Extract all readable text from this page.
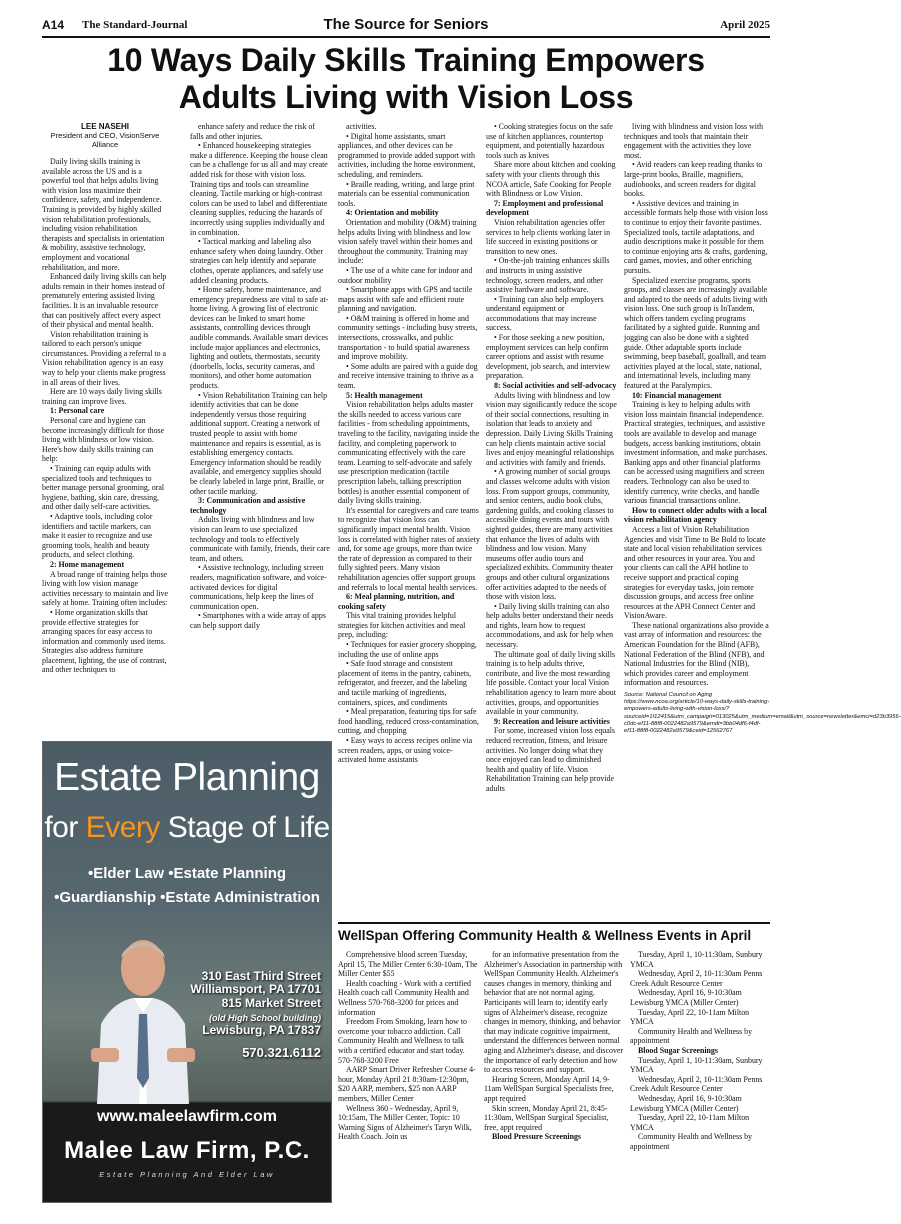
A14 The Standard-Journal	The Source for Seniors	April 2025
10 Ways Daily Skills Training Empowers
Adults Living with Vision Loss
LEE NASEHI
President and CEO, VisionServe Alliance

Daily living skills training is available across the US and is a powerful tool that helps adults living with vision loss maximize their confidence, safety, and independence. Training is provided by highly skilled vision rehabilitation professionals, including vision rehabilitation therapists and specialists in orientation & mobility, assistive technology, employment and vocational rehabilitation, and more.

Enhanced daily living skills can help adults remain in their homes instead of prematurely entering assisted living facilities. It is an invaluable resource that can positively affect every aspect of their physical and mental health.

Vision rehabilitation training is tailored to each person's unique circumstances. Providing a referral to a Vision rehabilitation agency is an easy way to help your clients make progress in all areas of their lives.

Here are 10 ways daily living skills training can improve lives.

1: Personal care

Personal care and hygiene can become increasingly difficult for those living with blindness or low vision. Here's how daily skills training can help:

• Training can equip adults with specialized tools and techniques to better manage personal grooming, oral hygiene, bathing, skin care, dressing, and other daily self-care activities.

• Adaptive tools, including color identifiers and tactile markers, can make it easier to recognize and use grooming tools, health and beauty products, and select clothing.

2: Home management

A broad range of training helps those living with low vision manage activities necessary to maintain and live safely at home. Training often includes:

• Home organization skills that provide effective strategies for arranging spaces for easy access to information and commonly used items. Strategies also address furniture placement, lighting, the use of contrast, and other techniques to

enhance safety and reduce the risk of falls and other injuries.

• Enhanced housekeeping strategies make a difference. Keeping the house clean can be a challenge for us all and may create added risk for those with vision loss. Training tips and tools can streamline cleaning. Tactile marking or high-contrast colors can be used to label and differentiate cleaning supplies, reducing the hazards of incorrectly using supplies individually and in combination.

• Tactical marking and labeling also enhance safety when doing laundry. Other strategies can help identify and separate clothes, operate appliances, and safely use added cleaning products.

• Home safety, home maintenance, and emergency preparedness are vital to safe at-home living. A growing list of electronic devices can be linked to smart home assistants, controlling devices through audible commands. Available smart devices include major appliances and electronics, lighting and outlets, thermostats, security (doorbells, locks, security cameras, and monitors), and other home automation products.

• Vision Rehabilitation Training can help identify activities that can be done independently versus those requiring additional support. Creating a network of trusted people to assist with home maintenance and repairs is essential, as is establishing emergency contacts. Emergency information should be readily available, and emergency supplies should be clearly labeled in large print, Braille, or other tactile marking.

3: Communication and assistive technology

Adults living with blindness and low vision can learn to use specialized technology and tools to effectively communicate with family, friends, their care team, and others.

• Assistive technology, including screen readers, magnification software, and voice-activated devices for digital communications, help keep the lines of communication open.

• Smartphones with a wide array of apps can help support daily

activities.

• Digital home assistants, smart appliances, and other devices can be programmed to provide added support with activities, including the home environment, scheduling, and reminders.

• Braille reading, writing, and large print materials can be essential communication tools.

4: Orientation and mobility

Orientation and mobility (O&M) training helps adults living with blindness and low vision safely travel within their homes and throughout the community. Training may include:

• The use of a white cane for indoor and outdoor mobility

• Smartphone apps with GPS and tactile maps assist with safe and efficient route planning and navigation.

• O&M training is offered in home and community settings - including busy streets, intersections, crosswalks, and public transportation - to build spatial awareness and improve mobility.

• Some adults are paired with a guide dog and receive intensive training to thrive as a team.

5: Health management

Vision rehabilitation helps adults master the skills needed to access various care facilities - from scheduling appointments, traveling to the facility, navigating inside the facility, and completing paperwork to communicating effectively with the care team. Learning to self-advocate and safely use prescription medication (tactile prescription labels, talking prescription bottles) is another essential component of daily living skills training.

It's essential for caregivers and care teams to recognize that vision loss can significantly impact mental health. Vision loss is correlated with higher rates of anxiety and, for some age groups, more than twice the rate of depression as compared to their fully sighted peers. Many vision rehabilitation agencies offer support groups and referrals to local mental health services.

6: Meal planning, nutrition, and cooking safety

This vital training provides helpful strategies for kitchen activities and meal prep, including:

• Techniques for easier grocery shopping, including the use of online apps

• Safe food storage and consistent placement of items in the pantry, cabinets, refrigerator, and freezer, and the labeling and tactile marking of ingredients, containers, spices, and condiments

• Meal preparation, featuring tips for safe food handling, reduced cross-contamination, cutting, and chopping

• Easy ways to access recipes online via screen readers, apps, or using voice-activated home assistants

• Cooking strategies focus on the safe use of kitchen appliances, countertop equipment, and potentially hazardous tools such as knives

Share more about kitchen and cooking safety with your clients through this NCOA article, Safe Cooking for People with Blindness or Low Vision.

7: Employment and professional development

Vision rehabilitation agencies offer services to help clients working later in life succeed in existing positions or transition to new ones.

• On-the-job training enhances skills and instructs in using assistive technology, screen readers, and other assistive hardware and software.

• Training can also help employers understand equipment or accommodations that may increase success.

• For those seeking a new position, employment services can help confirm career options and assist with resume development, job search, and interview preparation.

8: Social activities and self-advocacy

Adults living with blindness and low vision may significantly reduce the scope of their social connections, resulting in isolation that leads to anxiety and depression. Daily Living Skills Training can help clients maintain active social lives and enjoy meaningful relationships and activities with family and friends.

• A growing number of social groups and classes welcome adults with vision loss. From support groups, community, and senior centers, audio book clubs, gardening guilds, and cooking classes to accessible dining events and tours with sighted guides, there are many activities that enhance the lives of adults with blindness and low vision. Many museums offer audio tours and specialized exhibits. Community theater groups and other cultural organizations offer activities adapted to the needs of those with vision loss.

• Daily living skills training can also help adults better understand their needs and rights, learn how to request accommodations, and ask for help when necessary.

The ultimate goal of daily living skills training is to help adults thrive, contribute, and live the most rewarding life possible. Contact your local Vision rehabilitation agency to learn more about activities, groups, and opportunities available in your community.

9: Recreation and leisure activities

For some, increased vision loss equals reduced recreation, fitness, and leisure activities. No longer doing what they once enjoyed can lead to diminished health and quality of life. Vision Rehabilitation Training can help provide adults

living with blindness and vision loss with techniques and tools that maintain their engagement with the activities they love most.

• Avid readers can keep reading thanks to large-print books, Braille, magnifiers, audiobooks, and screen readers for digital books.

• Assistive devices and training in accessible formats help those with vision loss to continue to enjoy their favorite pastimes. Specialized tools, tactile adaptations, and audio descriptions make it possible for them to continue enjoying arts & crafts, gardening, card games, movies, and other enriching pursuits.

Specialized exercise programs, sports groups, and classes are increasingly available and adapted to the needs of adults living with vision loss. One such group is InTandem, which offers tandem cycling programs facilitated by a sighted guide. Running and jogging can also be done with a sighted guide. Other adaptable sports include swimming, beep baseball, goalball, and team activities played at the local, state, national, and international levels, including many featured at the Paralympics.

10: Financial management

Training is key to helping adults with vision loss maintain financial independence. Practical strategies, techniques, and assistive tools are available to develop and manage budgets, access banking institutions, obtain investment information, and make purchases. Banking apps and other financial platforms can be accessed using magnifiers and screen readers. Technology can also be used to identify currency, write checks, and handle various financial transactions online.

How to connect older adults with a local vision rehabilitation agency

Access a list of Vision Rehabilitation Agencies and visit Time to Be Bold to locate state and local vision rehabilitation services and other resources in your area. You and your clients can call the APH hotline to receive support and practical coping strategies for everyday tasks, join remote discussion groups, and access free online resources at the APH Connect Center and VisionAware.

These national organizations also provide a vast array of information and resources: the American Foundation for the Blind (AFB), National Federation of the Blind (NFB), and National Industries for the Blind (NIB), which provides career and employment information and resources.

Source: National Council on Aging https://www.ncoa.org/article/10-ways-daily-skills-training-empowers-adults-living-with-vision-loss/?sourceid=1f12415&utm_campaign=013025&utm_medium=email&utm_source=newsletter&emci=d23b3956-c0dc-ef11-88f8-0022482a9579&emdi=3bb04df6-f4df-ef11-88f8-0022482a9579&ceid=12562767

Estate Planning
for Every Stage of Life
•Elder Law •Estate Planning
•Guardianship •Estate Administration
310 East Third Street
Williamsport, PA 17701
815 Market Street
(old High School building)
Lewisburg, PA 17837
570.321.6112
www.maleelawfirm.com
Malee Law Firm, P.C.
Estate Planning And Elder Law
WellSpan Offering Community Health & Wellness Events in April

Comprehensive blood screen Tuesday, April 15, The Miller Center 6:30-10am, The Miller Center $55

Health coaching - Work with a certified Health coach call Community Health and Wellness 570-768-3200 for prices and information

Freedom From Smoking, learn how to overcome your tobacco addiction. Call Community Health and Wellness to talk with a certified educator and start today. 570-768-3200 Free

AARP Smart Driver Refresher Course 4-hour, Monday April 21 8:30am-12:30pm, $20 AARP, members, $25 non AARP members, Miller Center

Wellness 360 - Wednesday, April 9, 10:15am, The Miller Center, Topic: 10 Warning Signs of Alzheimer's Taryn Wilk, Health Coach. Join us

for an informative presentation from the Alzheimer's Association in partnership with WellSpan Community Health. Alzheimer's causes changes in memory, thinking and behavior that are not normal aging. Participants will learn to; identify early signs of Alzheimer's disease, recognize changes in memory, thinking, and behavior that may indicate cognitive impairment, understand the differences between normal aging and Alzheimer's disease, and discover the importance of early detection and how to access resources and support.

Hearing Screen, Monday April 14, 9-11am WellSpan Surgical Specialists free, appt required

Skin screen, Monday April 21, 8:45-11:30am, WellSpan Surgical Specialist, free, appt required

Blood Pressure Screenings

Tuesday, April 1, 10-11:30am, Sunbury YMCA

Wednesday, April 2, 10-11:30am Penns Creek Adult Resource Center

Wednesday, April 16, 9-10:30am Lewisburg YMCA (Miller Center)

Tuesday, April 22, 10-11am Milton YMCA

Community Health and Wellness by appointment

Blood Sugar Screenings

Tuesday, April 1, 10-11:30am, Sunbury YMCA

Wednesday, April 2, 10-11:30am Penns Creek Adult Resource Center

Wednesday, April 16, 9-10:30am Lewisburg YMCA (Miller Center)

Tuesday, April 22, 10-11am Milton YMCA

Community Health and Wellness by appointment
